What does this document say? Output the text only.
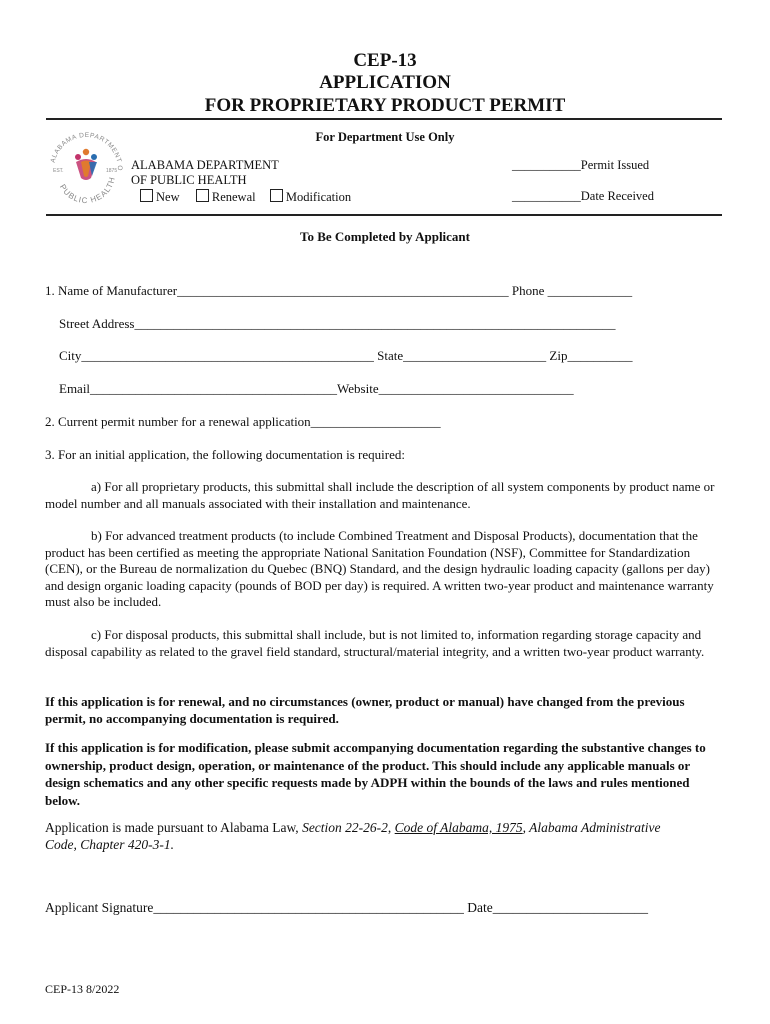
CEP-13
APPLICATION
FOR PROPRIETARY PRODUCT PERMIT
For Department Use Only
ALABAMA DEPARTMENT O
PUBLIC HEALTH
EST.	1875 ALABAMA DEPARTMENT
OF PUBLIC HEALTH
New	Renewal Modification
___________Permit Issued
___________Date Received
To Be Completed by Applicant
1. Name of Manufacturer___________________________________________________ Phone _____________
Street Address__________________________________________________________________________
City_____________________________________________ State______________________ Zip__________
Email______________________________________Website______________________________
2. Current permit number for a renewal application____________________
3. For an initial application, the following documentation is required:

a) For all proprietary products, this submittal shall include the description of all system components by product name or model number and all manuals associated with their installation and maintenance.

b) For advanced treatment products (to include Combined Treatment and Disposal Products), documentation that the product has been certified as meeting the appropriate National Sanitation Foundation (NSF), Committee for Standardization (CEN), or the Bureau de normalization du Quebec (BNQ) Standard, and the design hydraulic loading capacity (gallons per day) and design organic loading capacity (pounds of BOD per day) is required. A written two-year product and maintenance warranty must also be included.

c) For disposal products, this submittal shall include, but is not limited to, information regarding storage capacity and disposal capability as related to the gravel field standard, structural/material integrity, and a written two-year product warranty.

If this application is for renewal, and no circumstances (owner, product or manual) have changed from the previous permit, no accompanying documentation is required.

If this application is for modification, please submit accompanying documentation regarding the substantive changes to ownership, product design, operation, or maintenance of the product. This should include any applicable manuals or design schematics and any other specific requests made by ADPH within the bounds of the laws and rules mentioned below.

Application is made pursuant to Alabama Law, Section 22-26-2, Code of Alabama, 1975, Alabama Administrative Code, Chapter 420-3-1.
Applicant Signature______________________________________________ Date_______________________
CEP-13 8/2022
